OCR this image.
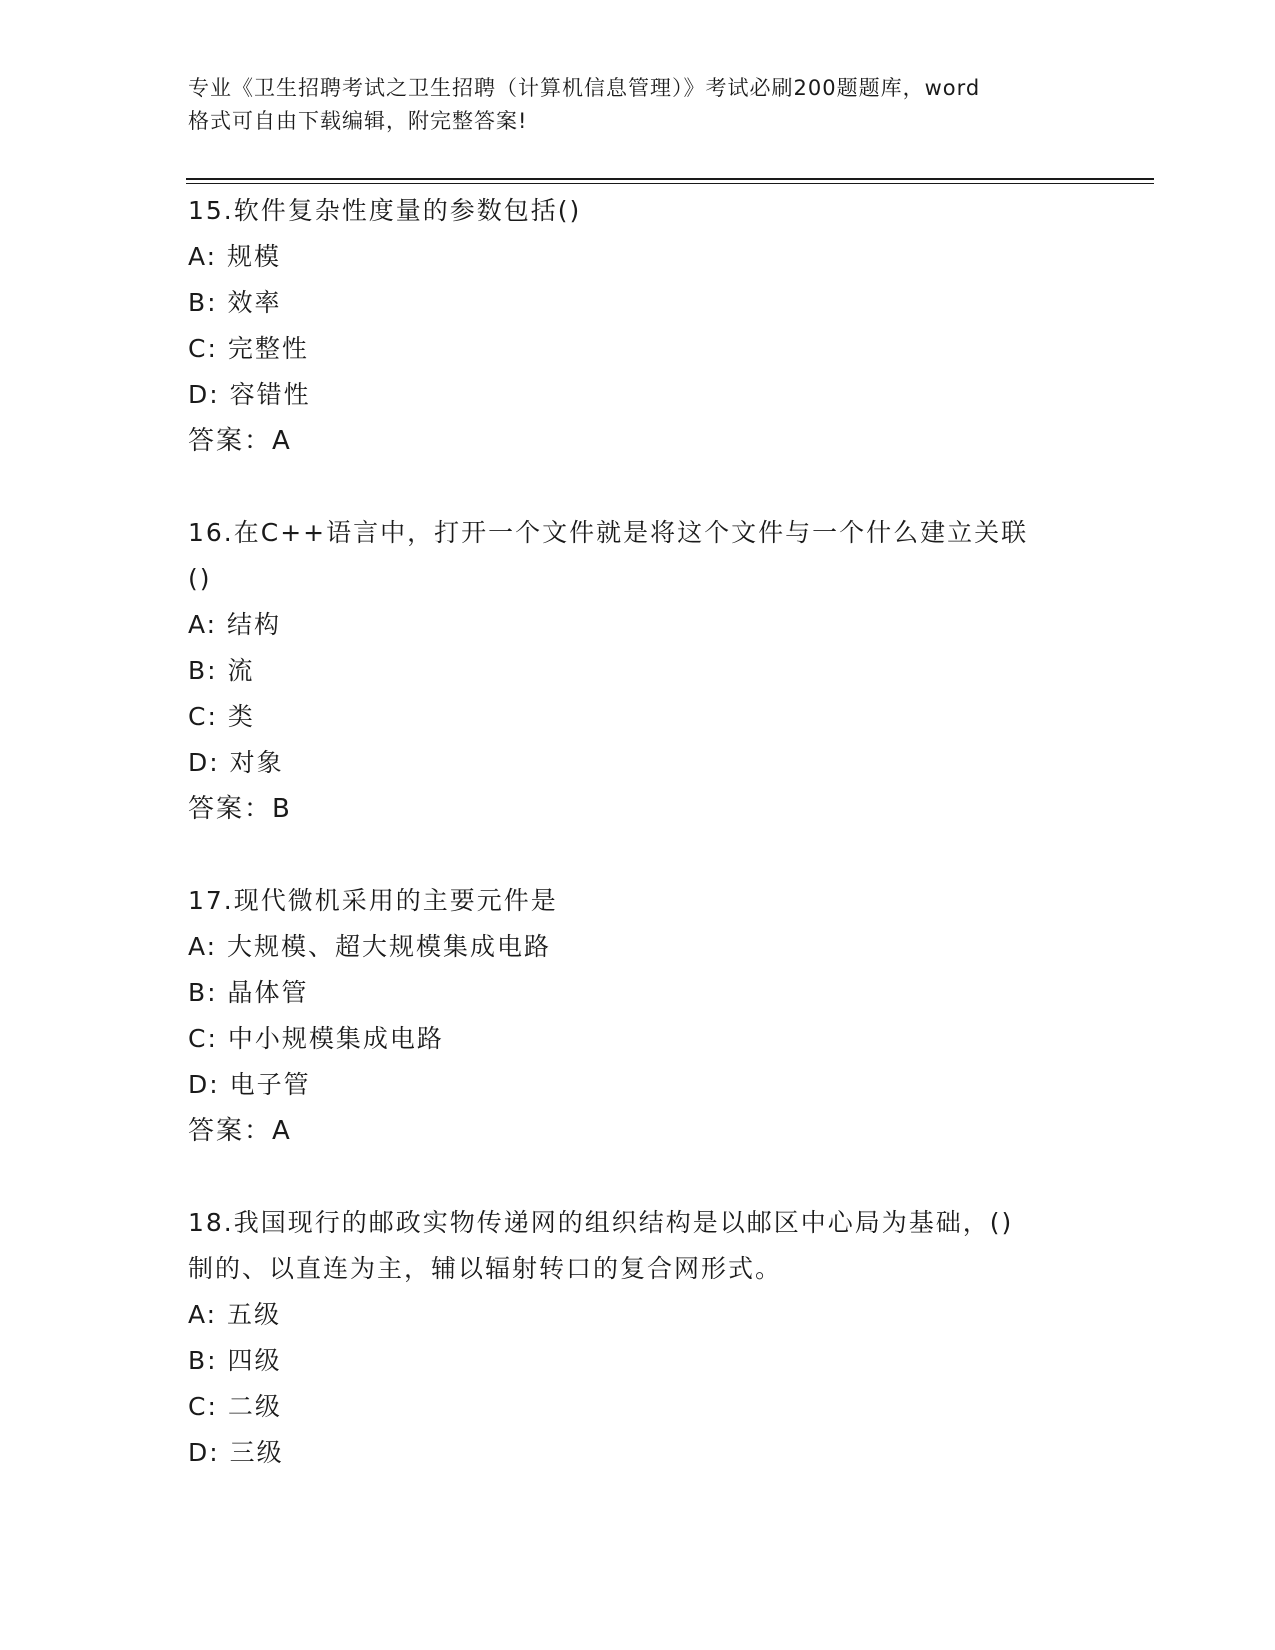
专业《卫生招聘考试之卫生招聘（计算机信息管理）》考试必刷200题题库，word
格式可自由下载编辑，附完整答案!
15.软件复杂性度量的参数包括()
A: 规模
B: 效率
C: 完整性
D: 容错性
答案：A
16.在C++语言中，打开一个文件就是将这个文件与一个什么建立关联
()
A: 结构
B: 流
C: 类
D: 对象
答案：B
17.现代微机采用的主要元件是
A: 大规模、超大规模集成电路
B: 晶体管
C: 中小规模集成电路
D: 电子管
答案：A
18.我国现行的邮政实物传递网的组织结构是以邮区中心局为基础，()
制的、以直连为主，辅以辐射转口的复合网形式。
A: 五级
B: 四级
C: 二级
D: 三级
